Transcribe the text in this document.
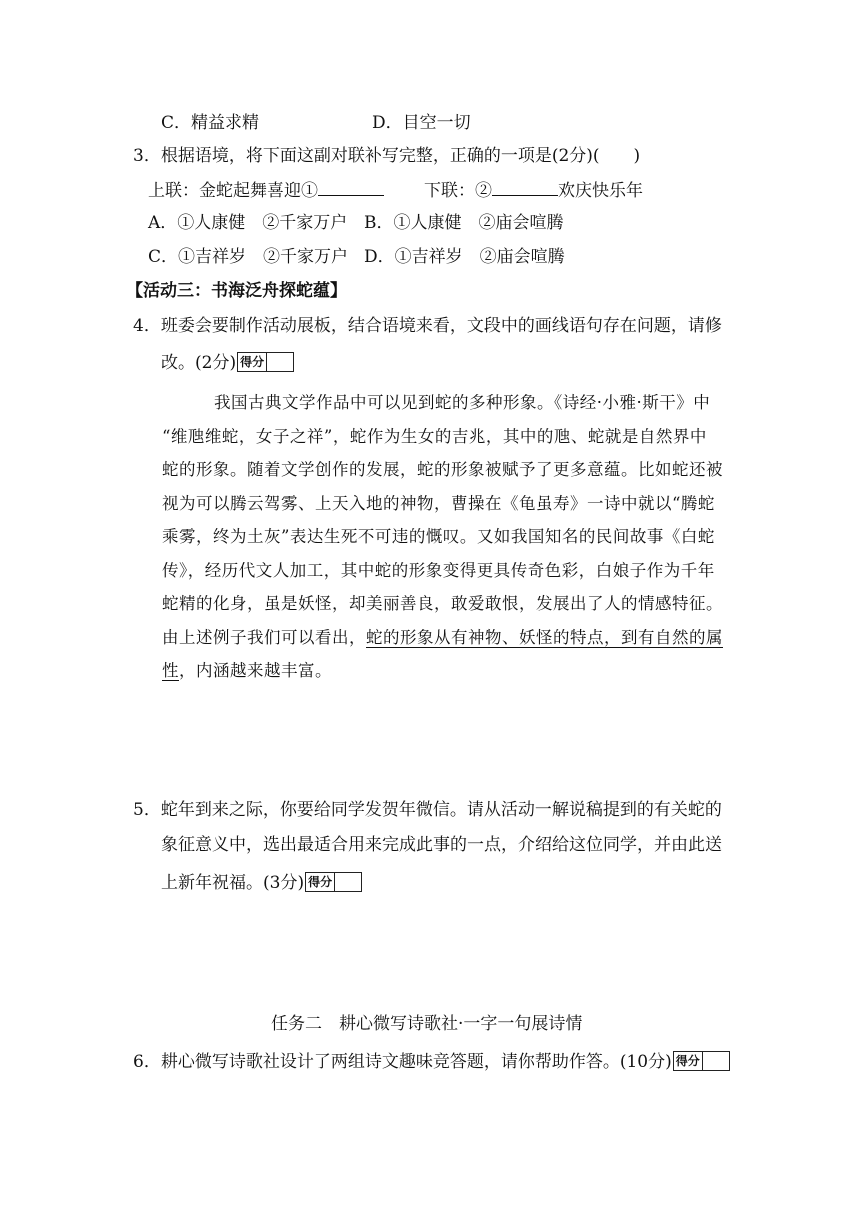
C．精益求精	D．目空一切
3．根据语境，将下面这副对联补写完整，正确的一项是(2分)(　　)
上联：金蛇起舞喜迎①	下联：②	欢庆快乐年
A．①人康健　②千家万户 B．①人康健　②庙会喧腾
C．①吉祥岁　②千家万户 D．①吉祥岁　②庙会喧腾
【活动三：书海泛舟探蛇蕴】
4．班委会要制作活动展板，结合语境来看，文段中的画线语句存在问题，请修
改。(2分) 得分
我国古典文学作品中可以见到蛇的多种形象。《诗经·小雅·斯干》中
“维虺维蛇，女子之祥”，蛇作为生女的吉兆，其中的虺、蛇就是自然界中
蛇的形象。随着文学创作的发展，蛇的形象被赋予了更多意蕴。比如蛇还被
视为可以腾云驾雾、上天入地的神物，曹操在《龟虽寿》一诗中就以“腾蛇
乘雾，终为土灰”表达生死不可违的慨叹。又如我国知名的民间故事《白蛇
传》，经历代文人加工，其中蛇的形象变得更具传奇色彩，白娘子作为千年
蛇精的化身，虽是妖怪，却美丽善良，敢爱敢恨，发展出了人的情感特征。
由上述例子我们可以看出，蛇的形象从有神物、妖怪的特点，到有自然的属
性，内涵越来越丰富。
5．蛇年到来之际，你要给同学发贺年微信。请从活动一解说稿提到的有关蛇的
象征意义中，选出最适合用来完成此事的一点，介绍给这位同学，并由此送
上新年祝福。(3分) 得分
任务二　耕心微写诗歌社·一字一句展诗情
6．耕心微写诗歌社设计了两组诗文趣味竞答题，请你帮助作答。(10分) 得分
